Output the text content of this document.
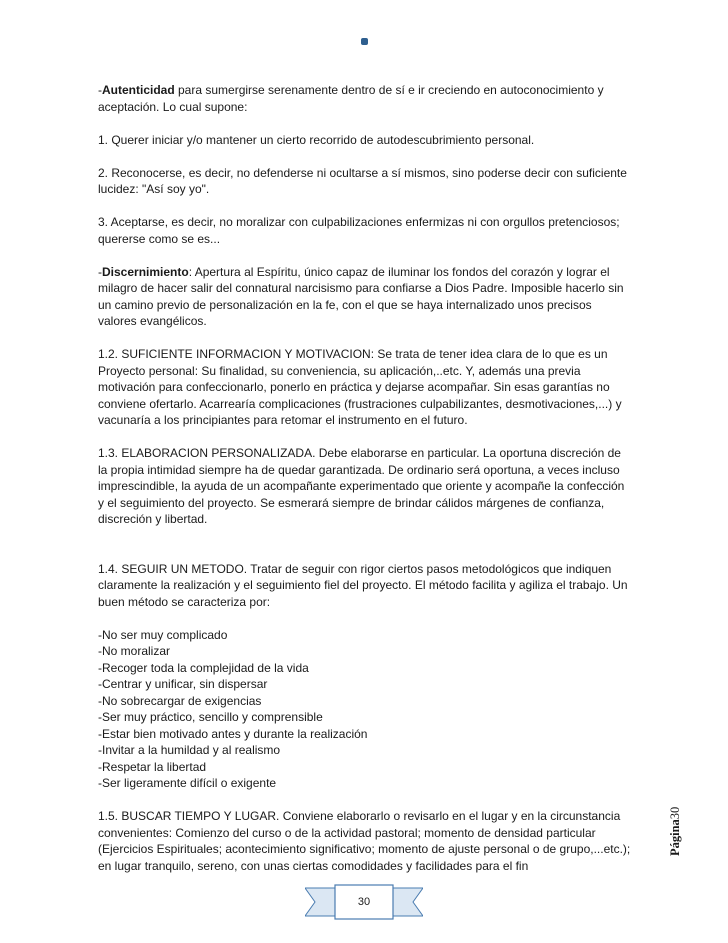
-Autenticidad para sumergirse serenamente dentro de sí e ir creciendo en autoconocimiento y aceptación. Lo cual supone:

1. Querer iniciar y/o mantener un cierto recorrido de autodescubrimiento personal.

2. Reconocerse, es decir, no defenderse ni ocultarse a sí mismos, sino poderse decir con suficiente lucidez: "Así soy yo".

3. Aceptarse, es decir, no moralizar con culpabilizaciones enfermizas ni con orgullos pretenciosos; quererse como se es...

-Discernimiento: Apertura al Espíritu, único capaz de iluminar los fondos del corazón y lograr el milagro de hacer salir del connatural narcisismo para confiarse a Dios Padre. Imposible hacerlo sin un camino previo de personalización en la fe, con el que se haya internalizado unos precisos valores evangélicos.

1.2. SUFICIENTE INFORMACION Y MOTIVACION: Se trata de tener idea clara de lo que es un Proyecto personal: Su finalidad, su conveniencia, su aplicación,..etc. Y, además una previa motivación para confeccionarlo, ponerlo en práctica y dejarse acompañar. Sin esas garantías no conviene ofertarlo. Acarrearía complicaciones (frustraciones culpabilizantes, desmotivaciones,...) y vacunaría a los principiantes para retomar el instrumento en el futuro.

1.3. ELABORACION PERSONALIZADA. Debe elaborarse en particular. La oportuna discreción de la propia intimidad siempre ha de quedar garantizada. De ordinario será oportuna, a veces incluso imprescindible, la ayuda de un acompañante experimentado que oriente y acompañe la confección y el seguimiento del proyecto. Se esmerará siempre de brindar cálidos márgenes de confianza, discreción y libertad.

1.4. SEGUIR UN METODO. Tratar de seguir con rigor ciertos pasos metodológicos que indiquen claramente la realización y el seguimiento fiel del proyecto. El método facilita y agiliza el trabajo. Un buen método se caracteriza por:

-No ser muy complicado
-No moralizar
-Recoger toda la complejidad de la vida
-Centrar y unificar, sin dispersar
-No sobrecargar de exigencias
-Ser muy práctico, sencillo y comprensible
-Estar bien motivado antes y durante la realización
-Invitar a la humildad y al realismo
-Respetar la libertad
-Ser ligeramente difícil o exigente

1.5. BUSCAR TIEMPO Y LUGAR. Conviene elaborarlo o revisarlo en el lugar y en la circunstancia convenientes: Comienzo del curso o de la actividad pastoral; momento de densidad particular (Ejercicios Espirituales; acontecimiento significativo; momento de ajuste personal o de grupo,...etc.); en lugar tranquilo, sereno, con unas ciertas comodidades y facilidades para el fin

Página30
30
